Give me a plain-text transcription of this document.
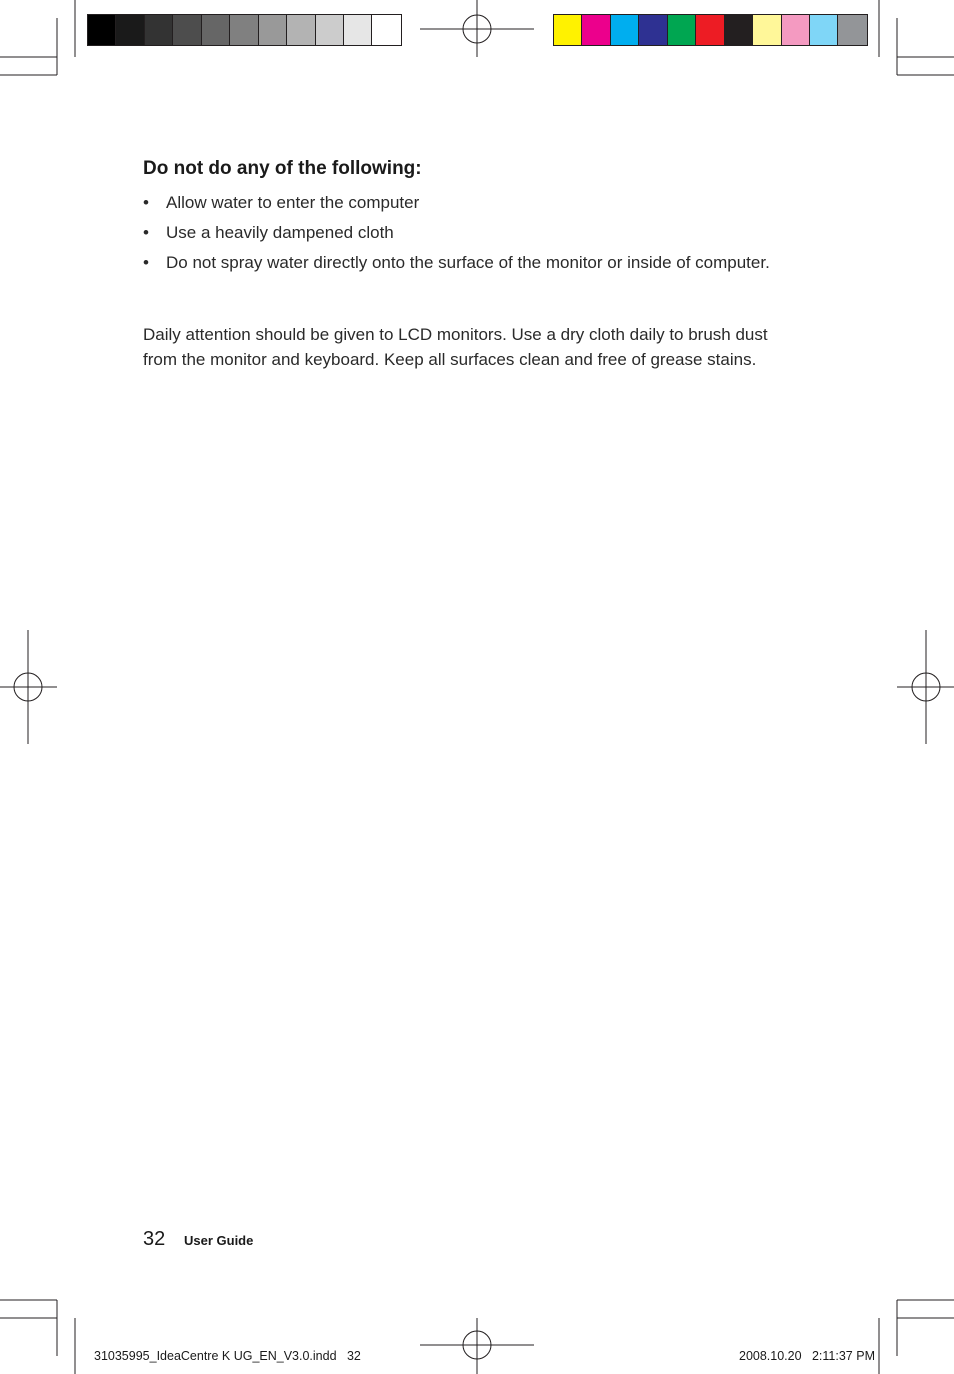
Do not do any of the following:
• Allow water to enter the computer
• Use a heavily dampened cloth
• Do not spray water directly onto the surface of the monitor or inside of computer.
Daily attention should be given to LCD monitors. Use a dry cloth daily to brush dust from the monitor and keyboard. Keep all surfaces clean and free of grease stains.
32 User Guide
31035995_IdeaCentre K UG_EN_V3.0.indd   32	2008.10.20   2:11:37 PM
